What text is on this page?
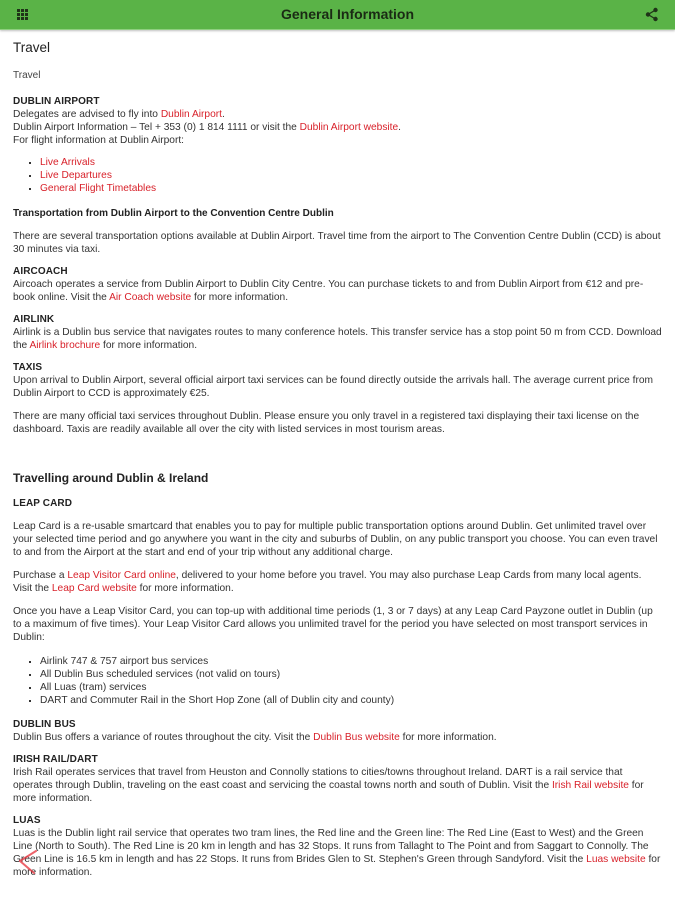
General Information
Travel
Travel
DUBLIN AIRPORT

Delegates are advised to fly into Dublin Airport.

Dublin Airport Information – Tel + 353 (0) 1 814 1111 or visit the Dublin Airport website.

For flight information at Dublin Airport:

▪ Live Arrivals
▪ Live Departures
▪ General Flight Timetables
Transportation from Dublin Airport to the Convention Centre Dublin

There are several transportation options available at Dublin Airport. Travel time from the airport to The Convention Centre Dublin (CCD) is about 30 minutes via taxi.

AIRCOACH

Aircoach operates a service from Dublin Airport to Dublin City Centre. You can purchase tickets to and from Dublin Airport from €12 and pre-book online. Visit the Air Coach website for more information.

AIRLINK

Airlink is a Dublin bus service that navigates routes to many conference hotels. This transfer service has a stop point 50 m from CCD. Download the Airlink brochure for more information.

TAXIS

Upon arrival to Dublin Airport, several official airport taxi services can be found directly outside the arrivals hall. The average current price from Dublin Airport to CCD is approximately €25.

There are many official taxi services throughout Dublin. Please ensure you only travel in a registered taxi displaying their taxi license on the dashboard. Taxis are readily available all over the city with listed services in most tourism areas.

Travelling around Dublin & Ireland
LEAP CARD

Leap Card is a re-usable smartcard that enables you to pay for multiple public transportation options around Dublin. Get unlimited travel over your selected time period and go anywhere you want in the city and suburbs of Dublin, on any public transport you choose. You can even travel to and from the Airport at the start and end of your trip without any additional charge.

Purchase a Leap Visitor Card online, delivered to your home before you travel. You may also purchase Leap Cards from many local agents. Visit the Leap Card website for more information.

Once you have a Leap Visitor Card, you can top-up with additional time periods (1, 3 or 7 days) at any Leap Card Payzone outlet in Dublin (up to a maximum of five times). Your Leap Visitor Card allows you unlimited travel for the period you have selected on most transport services in Dublin:

▪ Airlink 747 & 757 airport bus services
▪ All Dublin Bus scheduled services (not valid on tours)
▪ All Luas (tram) services
▪ DART and Commuter Rail in the Short Hop Zone (all of Dublin city and county)
DUBLIN BUS

Dublin Bus offers a variance of routes throughout the city. Visit the Dublin Bus website for more information.

IRISH RAIL/DART

Irish Rail operates services that travel from Heuston and Connolly stations to cities/towns throughout Ireland. DART is a rail service that operates through Dublin, traveling on the east coast and servicing the coastal towns north and south of Dublin. Visit the Irish Rail website for more information.

LUAS

Luas is the Dublin light rail service that operates two tram lines, the Red line and the Green line: The Red Line (East to West) and the Green Line (North to South). The Red Line is 20 km in length and has 32 Stops. It runs from Tallaght to The Point and from Saggart to Connolly. The Green Line is 16.5 km in length and has 22 Stops. It runs from Brides Glen to St. Stephen's Green through Sandyford. Visit the Luas website for more information.
